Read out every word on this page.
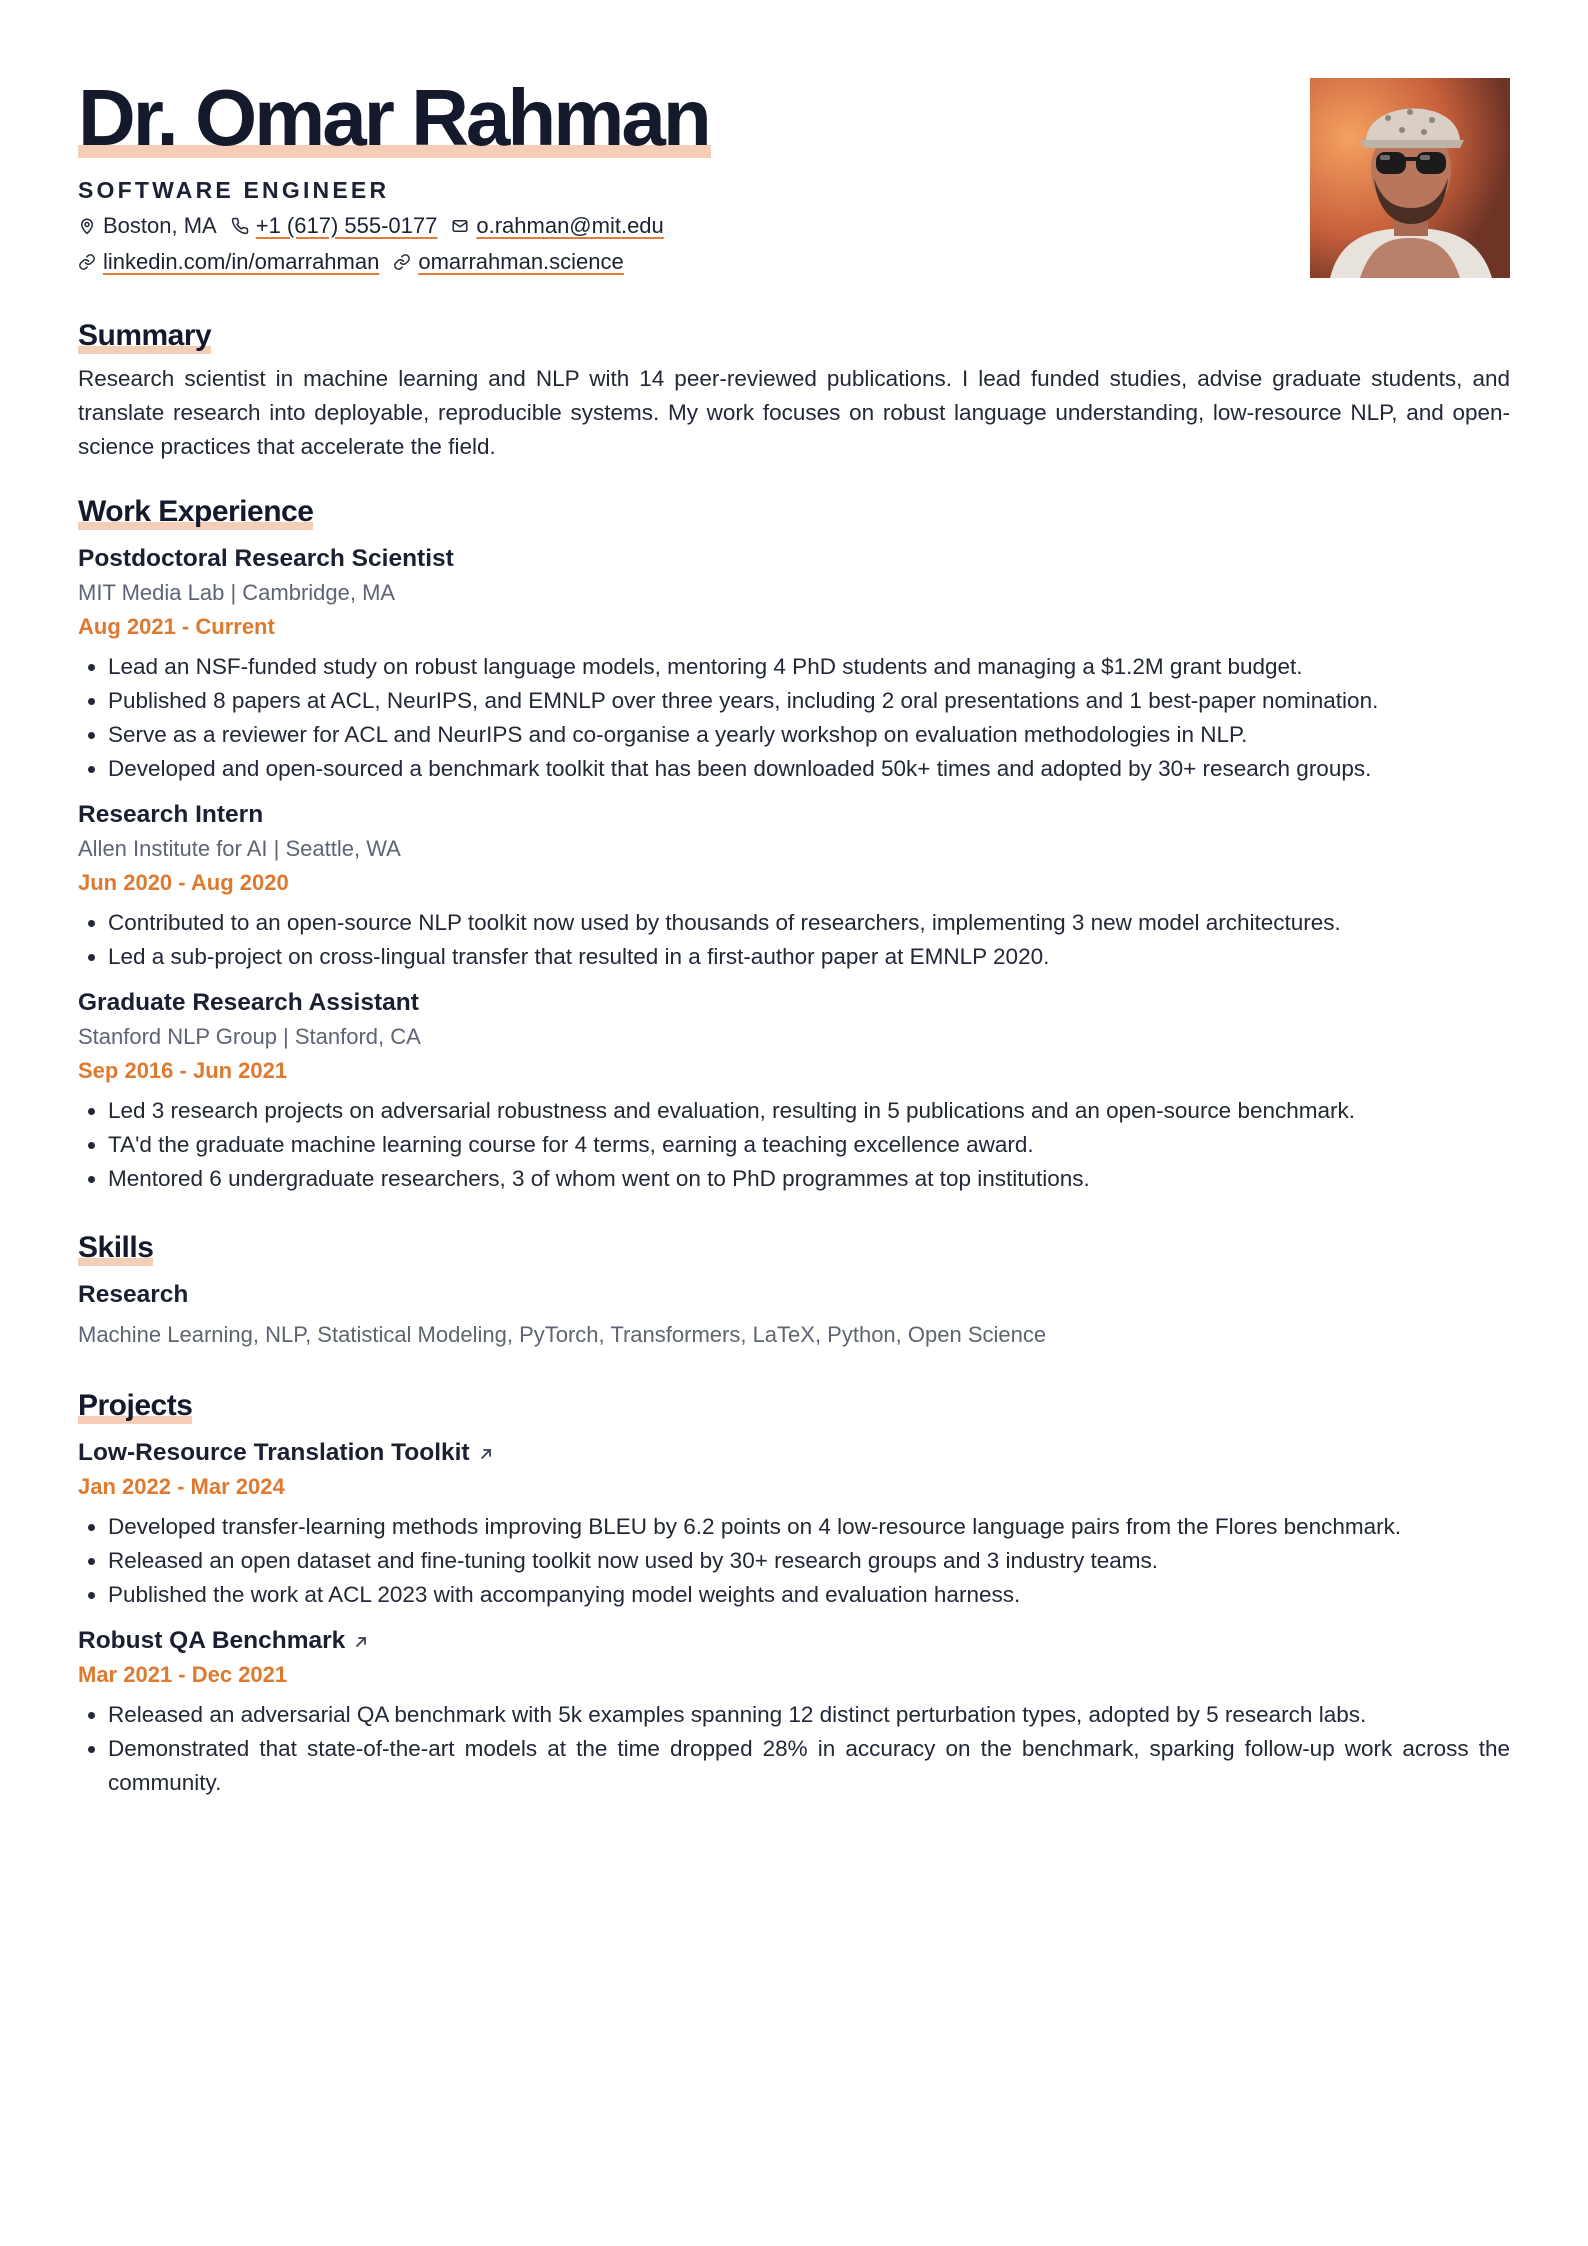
Dr. Omar Rahman
SOFTWARE ENGINEER
Boston, MA +1 (617) 555-0177 o.rahman@mit.edu
linkedin.com/in/omarrahman omarrahman.science
Summary

Research scientist in machine learning and NLP with 14 peer-reviewed publications. I lead funded studies, advise graduate students, and translate research into deployable, reproducible systems. My work focuses on robust language understanding, low-resource NLP, and open-science practices that accelerate the field.

Work Experience
Postdoctoral Research Scientist
MIT Media Lab | Cambridge, MA
Aug 2021 - Current
• Lead an NSF-funded study on robust language models, mentoring 4 PhD students and managing a $1.2M grant budget.
• Published 8 papers at ACL, NeurIPS, and EMNLP over three years, including 2 oral presentations and 1 best-paper nomination.
• Serve as a reviewer for ACL and NeurIPS and co-organise a yearly workshop on evaluation methodologies in NLP.
• Developed and open-sourced a benchmark toolkit that has been downloaded 50k+ times and adopted by 30+ research groups.
Research Intern
Allen Institute for AI | Seattle, WA
Jun 2020 - Aug 2020
• Contributed to an open-source NLP toolkit now used by thousands of researchers, implementing 3 new model architectures.
• Led a sub-project on cross-lingual transfer that resulted in a first-author paper at EMNLP 2020.
Graduate Research Assistant
Stanford NLP Group | Stanford, CA
Sep 2016 - Jun 2021
• Led 3 research projects on adversarial robustness and evaluation, resulting in 5 publications and an open-source benchmark.
• TA'd the graduate machine learning course for 4 terms, earning a teaching excellence award.
• Mentored 6 undergraduate researchers, 3 of whom went on to PhD programmes at top institutions.
Skills
Research
Machine Learning, NLP, Statistical Modeling, PyTorch, Transformers, LaTeX, Python, Open Science
Projects
Low-Resource Translation Toolkit
Jan 2022 - Mar 2024
• Developed transfer-learning methods improving BLEU by 6.2 points on 4 low-resource language pairs from the Flores benchmark.
• Released an open dataset and fine-tuning toolkit now used by 30+ research groups and 3 industry teams.
• Published the work at ACL 2023 with accompanying model weights and evaluation harness.
Robust QA Benchmark
Mar 2021 - Dec 2021
• Released an adversarial QA benchmark with 5k examples spanning 12 distinct perturbation types, adopted by 5 research labs.
• Demonstrated that state-of-the-art models at the time dropped 28% in accuracy on the benchmark, sparking follow-up work across the community.
